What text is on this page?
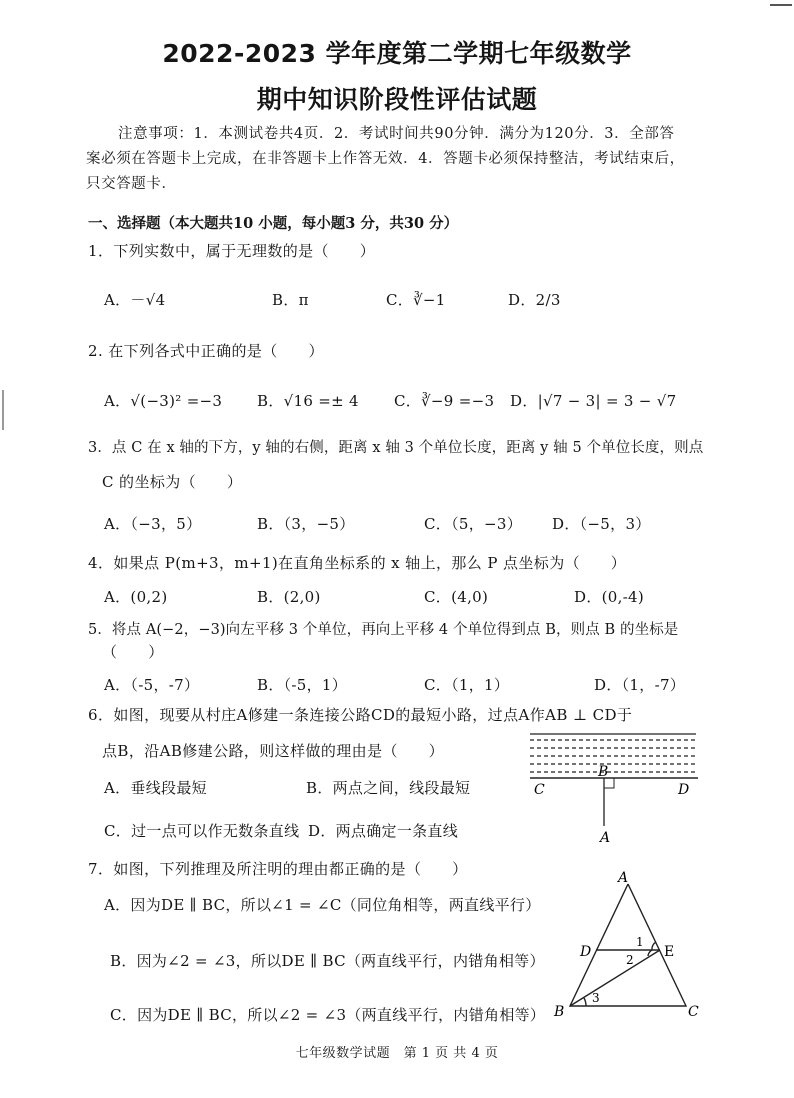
2022-2023 学年度第二学期七年级数学
期中知识阶段性评估试题
注意事项：1．本测试卷共4页．2．考试时间共90分钟．满分为120分．3．全部答
案必须在答题卡上完成，在非答题卡上作答无效．4．答题卡必须保持整洁，考试结束后，
只交答题卡．
一、选择题（本大题共10 小题，每小题3 分，共30 分）
1．下列实数中，属于无理数的是（　　）
A．－√4	B．π	C．∛−1	D．2/3
2. 在下列各式中正确的是（　　）
A．√(−3)² =−3 B．√16 =± 4 C．∛−9 =−3 D．|√7 − 3| = 3 − √7
3．点 C 在 x 轴的下方，y 轴的右侧，距离 x 轴 3 个单位长度，距离 y 轴 5 个单位长度，则点
C 的坐标为（　　）
A．（−3，5）	B．（3，−5）	C．（5，−3） D．（−5，3）
4．如果点 P(m+3，m+1)在直角坐标系的 x 轴上，那么 P 点坐标为（　　）
A．(0,2)	B．(2,0)	C．(4,0)	D．(0,-4)
5．将点 A(−2，−3)向左平移 3 个单位，再向上平移 4 个单位得到点 B，则点 B 的坐标是
（　　）
A．（-5，-7）	B．（-5，1）	C．（1，1）	D．（1，-7）
6．如图，现要从村庄A修建一条连接公路CD的最短小路，过点A作AB ⊥ CD于
点B，沿AB修建公路，则这样做的理由是（　　）
A．垂线段最短	B．两点之间，线段最短
C．过一点可以作无数条直线 D．两点确定一条直线
B
C	D
A
7．如图，下列推理及所注明的理由都正确的是（　　）
A．因为DE ∥ BC，所以∠1 = ∠C（同位角相等，两直线平行）
B．因为∠2 = ∠3，所以DE ∥ BC（两直线平行，内错角相等）
C．因为DE ∥ BC，所以∠2 = ∠3（两直线平行，内错角相等）
A
D	E
B	C
1
2
3
七年级数学试题　第 1 页 共 4 页
